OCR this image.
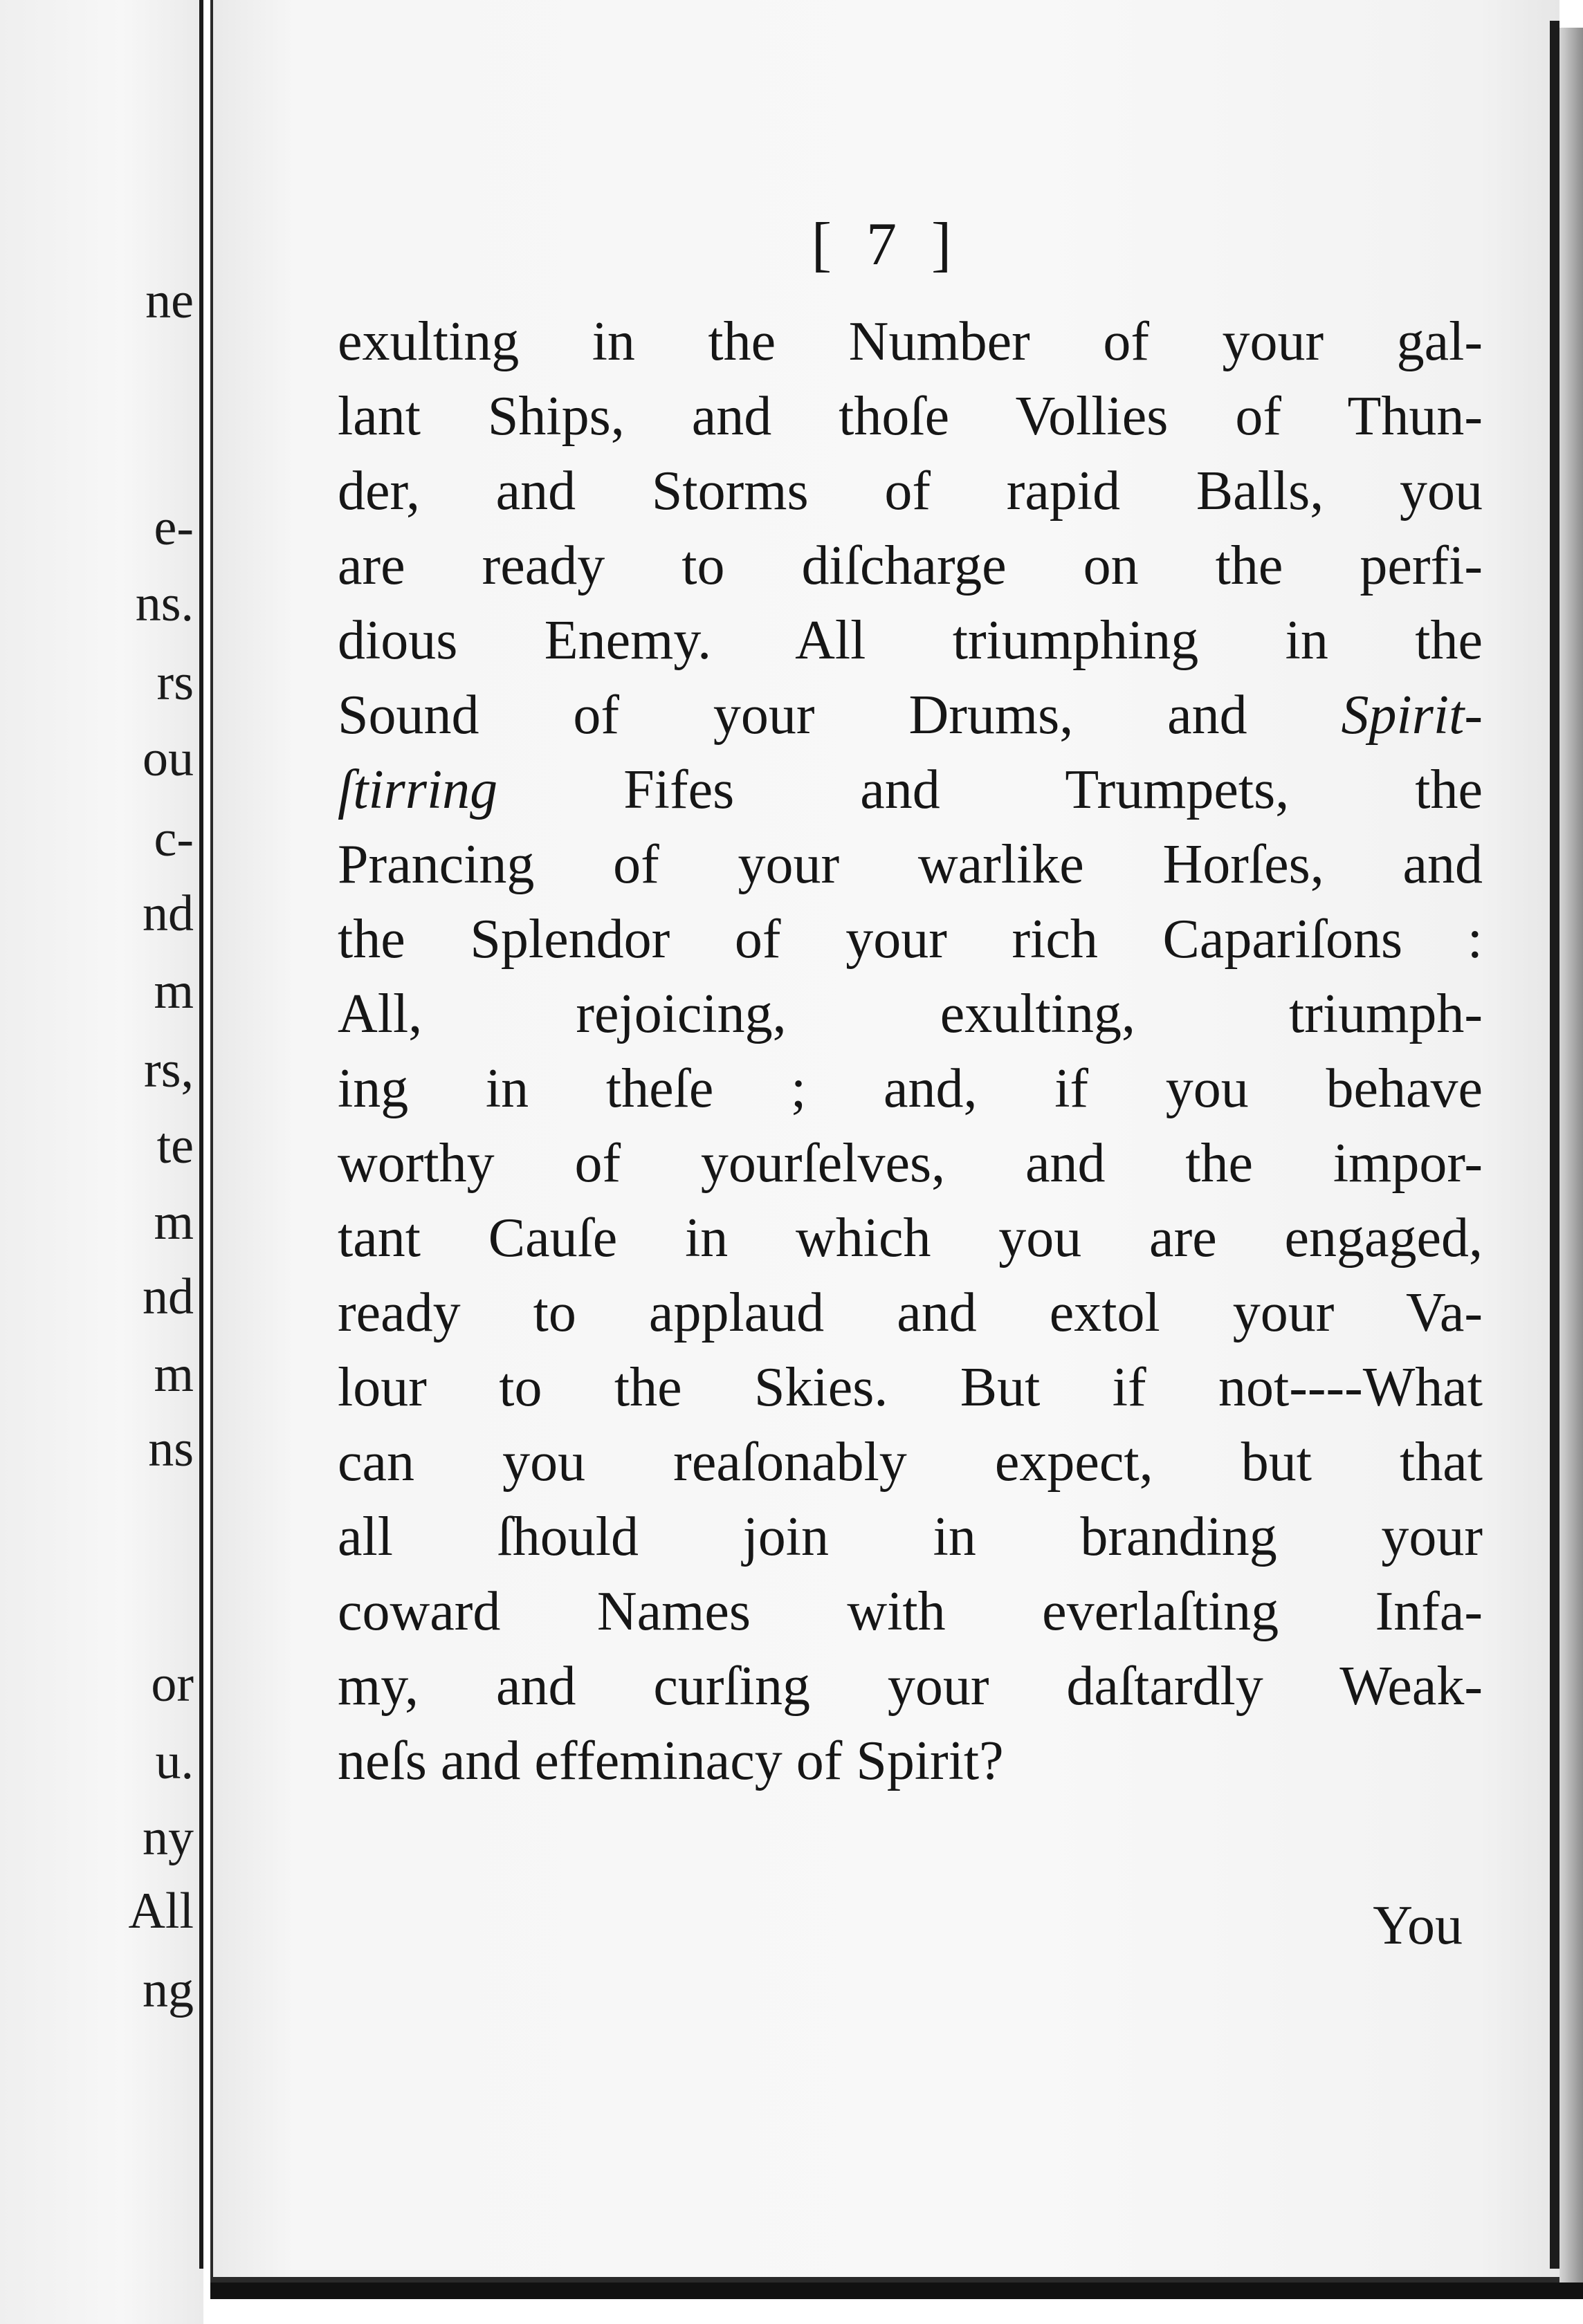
ne
e-
ns.
rs
ou
c-
nd
m
rs,
te
m
nd
m
ns
or
u.
ny
All
ng
[ 7 ]
exulting in the Number of your gal-
lant Ships, and thoſe Vollies of Thun-
der, and Storms of rapid Balls, you
are ready to diſcharge on the perfi-
dious Enemy. All triumphing in the
Sound of your Drums, and Spirit-
ſtirring Fifes and Trumpets, the
Prancing of your warlike Horſes, and
the Splendor of your rich Capariſons :
All, rejoicing, exulting, triumph-
ing in theſe ; and, if you behave
worthy of yourſelves, and the impor-
tant Cauſe in which you are engaged,
ready to applaud and extol your Va-
lour to the Skies. But if not----What
can you reaſonably expect, but that
all ſhould join in branding your
coward Names with everlaſting Infa-
my, and curſing your daſtardly Weak-
neſs and effeminacy of Spirit?
You
